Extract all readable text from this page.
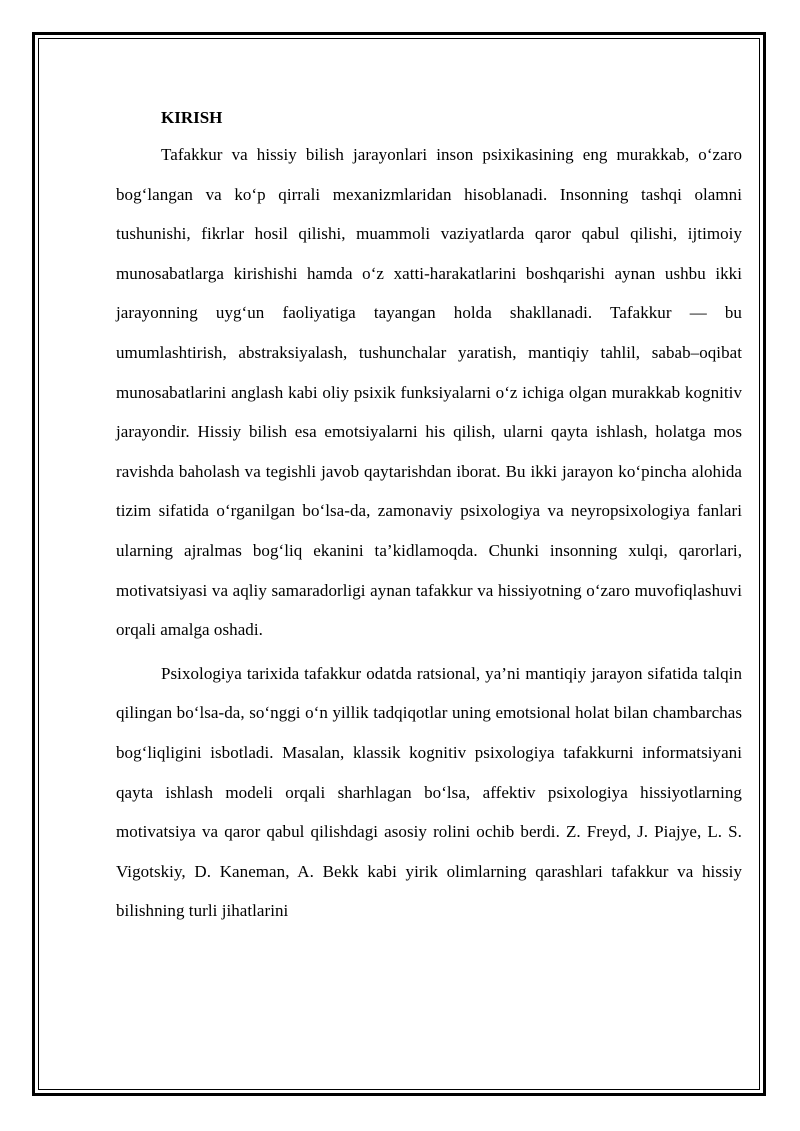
KIRISH

Tafakkur va hissiy bilish jarayonlari inson psixikasining eng murakkab, o‘zaro bog‘langan va ko‘p qirrali mexanizmlaridan hisoblanadi. Insonning tashqi olamni tushunishi, fikrlar hosil qilishi, muammoli vaziyatlarda qaror qabul qilishi, ijtimoiy munosabatlarga kirishishi hamda o‘z xatti-harakatlarini boshqarishi aynan ushbu ikki jarayonning uyg‘un faoliyatiga tayangan holda shakllanadi. Tafakkur — bu umumlashtirish, abstraksiyalash, tushunchalar yaratish, mantiqiy tahlil, sabab–oqibat munosabatlarini anglash kabi oliy psixik funksiyalarni o‘z ichiga olgan murakkab kognitiv jarayondir. Hissiy bilish esa emotsiyalarni his qilish, ularni qayta ishlash, holatga mos ravishda baholash va tegishli javob qaytarishdan iborat. Bu ikki jarayon ko‘pincha alohida tizim sifatida o‘rganilgan bo‘lsa-da, zamonaviy psixologiya va neyropsixologiya fanlari ularning ajralmas bog‘liq ekanini ta’kidlamoqda. Chunki insonning xulqi, qarorlari, motivatsiyasi va aqliy samaradorligi aynan tafakkur va hissiyotning o‘zaro muvofiqlashuvi orqali amalga oshadi.

Psixologiya tarixida tafakkur odatda ratsional, ya’ni mantiqiy jarayon sifatida talqin qilingan bo‘lsa-da, so‘nggi o‘n yillik tadqiqotlar uning emotsional holat bilan chambarchas bog‘liqligini isbotladi. Masalan, klassik kognitiv psixologiya tafakkurni informatsiyani qayta ishlash modeli orqali sharhlagan bo‘lsa, affektiv psixologiya hissiyotlarning motivatsiya va qaror qabul qilishdagi asosiy rolini ochib berdi. Z. Freyd, J. Piajye, L. S. Vigotskiy, D. Kaneman, A. Bekk kabi yirik olimlarning qarashlari tafakkur va hissiy bilishning turli jihatlarini
